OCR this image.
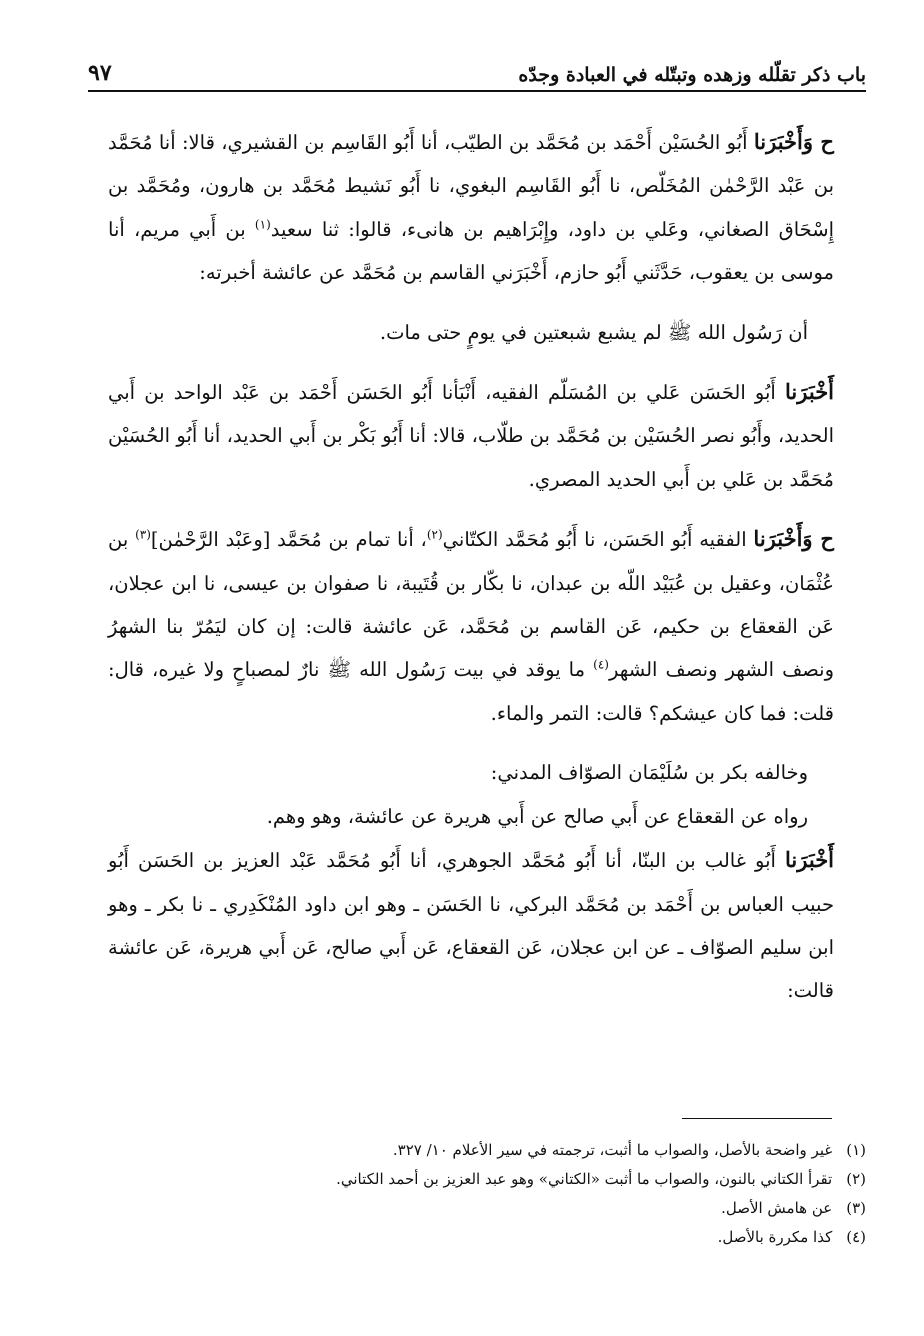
باب ذكر تقلّله وزهده وتبتّله في العبادة وجدّه
٩٧

ح وَأَخْبَرَنا أَبُو الحُسَيْن أَحْمَد بن مُحَمَّد بن الطيّب، أنا أَبُو القَاسِم بن القشيري، قالا: أنا مُحَمَّد بن عَبْد الرَّحْمٰن المُخَلّص، نا أَبُو القَاسِم البغوي، نا أَبُو نَشيط مُحَمَّد بن هارون، ومُحَمَّد بن إِسْحَاق الصغاني، وعَلي بن داود، وإِبْرَاهيم بن هانىء، قالوا: ثنا سعيد$^{(١)}$ بن أَبي مريم، أنا موسى بن يعقوب، حَدَّثَني أَبُو حازم، أَخْبَرَني القاسم بن مُحَمَّد عن عائشة أخبرته:

أن رَسُول الله ﷺ لم يشبع شبعتين في يومٍ حتى مات.

أَخْبَرَنا أَبُو الحَسَن عَلي بن المُسَلّم الفقيه، أَنْبَأنا أَبُو الحَسَن أَحْمَد بن عَبْد الواحد بن أَبي الحديد، وأَبُو نصر الحُسَيْن بن مُحَمَّد بن طلّاب، قالا: أنا أَبُو بَكْر بن أَبي الحديد، أنا أَبُو الحُسَيْن مُحَمَّد بن عَلي بن أَبي الحديد المصري.

ح وَأَخْبَرَنا الفقيه أَبُو الحَسَن، نا أَبُو مُحَمَّد الكتّاني$^{(٢)}$، أنا تمام بن مُحَمَّد [وعَبْد الرَّحْمٰن]$^{(٣)}$ بن عُثْمَان، وعقيل بن عُبَيْد اللّه بن عبدان، نا بكّار بن قُتَيبة، نا صفوان بن عيسى، نا ابن عجلان، عَن القعقاع بن حكيم، عَن القاسم بن مُحَمَّد، عَن عائشة قالت: إن كان ليَمُرّ بنا الشهرُ ونصف الشهر ونصف الشهر$^{(٤)}$ ما يوقد في بيت رَسُول الله ﷺ نارٌ لمصباحٍ ولا غيره، قال: قلت: فما كان عيشكم؟ قالت: التمر والماء.

وخالفه بكر بن سُلَيْمَان الصوّاف المدني:

رواه عن القعقاع عن أَبي صالح عن أَبي هريرة عن عائشة، وهو وهم.

أَخْبَرَنا أَبُو غالب بن البنّا، أنا أَبُو مُحَمَّد الجوهري، أنا أَبُو مُحَمَّد عَبْد العزيز بن الحَسَن أَبُو حبيب العباس بن أَحْمَد بن مُحَمَّد البركي، نا الحَسَن ـ وهو ابن داود المُنْكَدِري ـ نا بكر ـ وهو ابن سليم الصوّاف ـ عن ابن عجلان، عَن القعقاع، عَن أَبي صالح، عَن أَبي هريرة، عَن عائشة قالت:

(١)
غير واضحة بالأصل، والصواب ما أثبت، ترجمته في سير الأعلام ١٠/ ٣٢٧.
(٢)
تقرأ الكتاني بالنون، والصواب ما أثبت «الكتاني» وهو عبد العزيز بن أحمد الكتاني.
(٣)
عن هامش الأصل.
(٤)
كذا مكررة بالأصل.
